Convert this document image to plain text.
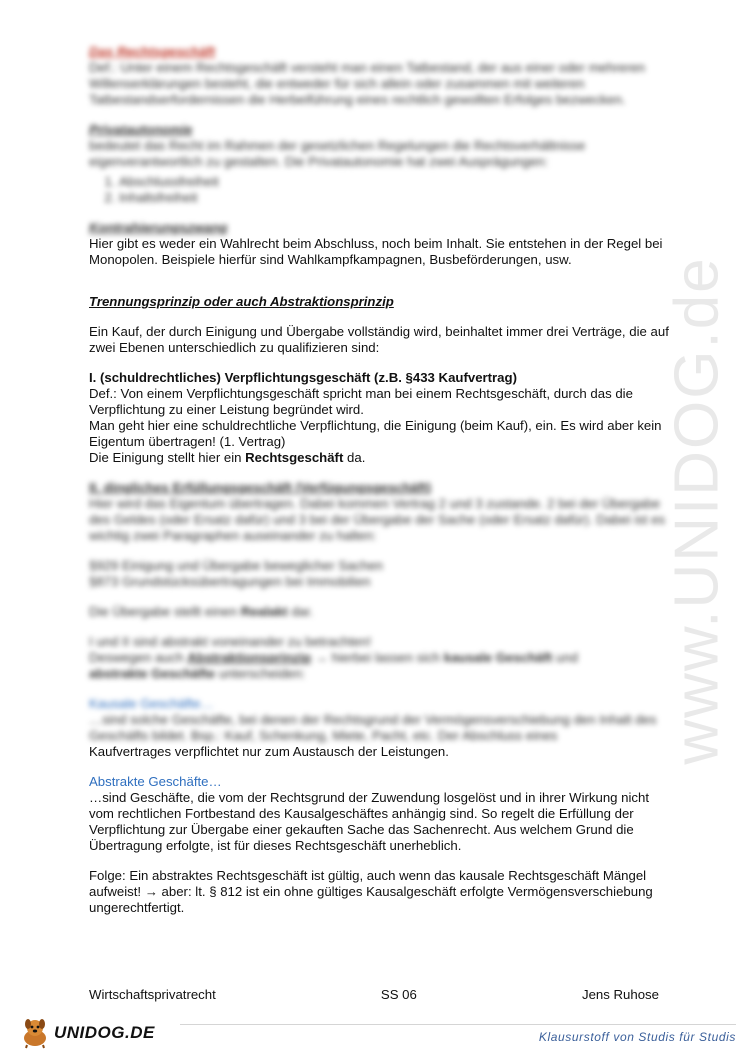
www.UNIDOG.de

Das Rechtsgeschäft

Def.: Unter einem Rechtsgeschäft versteht man einen Tatbestand, der aus einer oder mehreren Willenserklärungen besteht, die entweder für sich allein oder zusammen mit weiteren Tatbestandserfordernissen die Herbeiführung eines rechtlich gewollten Erfolges bezwecken.

Privatautonomie

bedeutet das Recht im Rahmen der gesetzlichen Regelungen die Rechtsverhältnisse eigenverantwortlich zu gestalten. Die Privatautonomie hat zwei Ausprägungen:

1. Abschlussfreiheit
2. Inhaltsfreiheit

Kontrahierungszwang

Hier gibt es weder ein Wahlrecht beim Abschluss, noch beim Inhalt. Sie entstehen in der Regel bei Monopolen. Beispiele hierfür sind Wahlkampfkampagnen, Busbeförderungen, usw.

Trennungsprinzip oder auch Abstraktionsprinzip

Ein Kauf, der durch Einigung und Übergabe vollständig wird, beinhaltet immer drei Verträge, die auf zwei Ebenen unterschiedlich zu qualifizieren sind:

I. (schuldrechtliches) Verpflichtungsgeschäft (z.B. §433 Kaufvertrag)

Def.: Von einem Verpflichtungsgeschäft spricht man bei einem Rechtsgeschäft, durch das die Verpflichtung zu einer Leistung begründet wird.

Man geht hier eine schuldrechtliche Verpflichtung, die Einigung (beim Kauf), ein. Es wird aber kein Eigentum übertragen! (1. Vertrag)

Die Einigung stellt hier ein Rechtsgeschäft da.

II. dingliches Erfüllungsgeschäft (Verfügungsgeschäft)

Hier wird das Eigentum übertragen. Dabei kommen Vertrag 2 und 3 zustande. 2 bei der Übergabe des Geldes (oder Ersatz dafür) und 3 bei der Übergabe der Sache (oder Ersatz dafür). Dabei ist es wichtig zwei Paragraphen auseinander zu halten:

§929 Einigung und Übergabe beweglicher Sachen

§873 Grundstücksübertragungen bei Immobilien

Die Übergabe stellt einen Realakt dar.

I und II sind abstrakt voneinander zu betrachten!

Deswegen auch Abstraktionsprinzip → hierbei lassen sich kausale Geschäft und

abstrakte Geschäfte unterscheiden:

Kausale Geschäfte…

…sind solche Geschäfte, bei denen der Rechtsgrund der Vermögensverschiebung den Inhalt des Geschäfts bildet. Bsp.: Kauf, Schenkung, Miete, Pacht, etc. Der Abschluss eines

Kaufvertrages verpflichtet nur zum Austausch der Leistungen.

Abstrakte Geschäfte…

…sind Geschäfte, die vom der Rechtsgrund der Zuwendung losgelöst und in ihrer Wirkung nicht vom rechtlichen Fortbestand des Kausalgeschäftes anhängig sind. So regelt die Erfüllung der Verpflichtung zur Übergabe einer gekauften Sache das Sachenrecht. Aus welchem Grund die Übertragung erfolgte, ist für dieses Rechtsgeschäft unerheblich.

Folge: Ein abstraktes Rechtsgeschäft ist gültig, auch wenn das kausale Rechtsgeschäft Mängel aufweist! → aber: lt. § 812 ist ein ohne gültiges Kausalgeschäft erfolgte Vermögensverschiebung ungerechtfertigt.

Wirtschaftsprivatrecht	SS 06	Jens Ruhose
UNIDOG.DE	Klausurstoff von Studis für Studis
